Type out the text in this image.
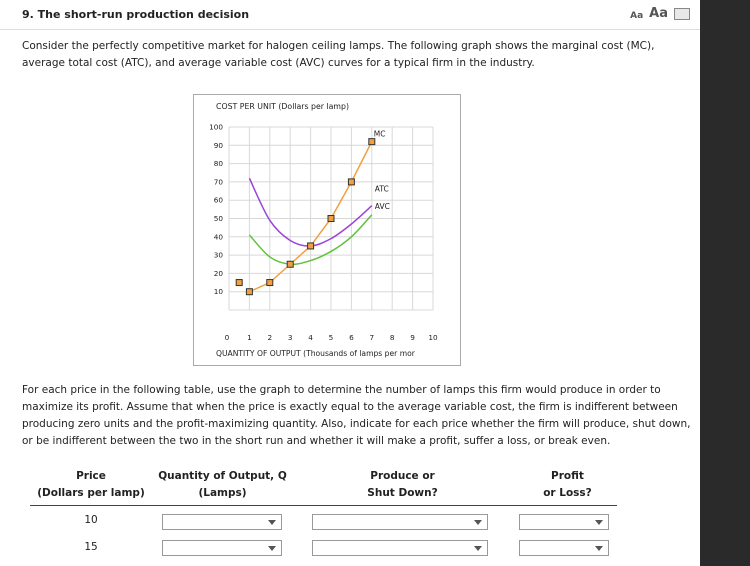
9. The short-run production decision	Aa Aa
Consider the perfectly competitive market for halogen ceiling lamps. The following graph shows the marginal cost (MC), average total cost (ATC), and average variable cost (AVC) curves for a typical firm in the industry.
COST PER UNIT (Dollars per lamp)
10
20
30
40
50
60
70
80
90
100
0 1 2 3 4 5 6 7 8 9 10
QUANTITY OF OUTPUT (Thousands of lamps per mor
MC
ATC
AVC
For each price in the following table, use the graph to determine the number of lamps this firm would produce in order to maximize its profit. Assume that when the price is exactly equal to the average variable cost, the firm is indifferent between producing zero units and the profit-maximizing quantity. Also, indicate for each price whether the firm will produce, shut down, or be indifferent between the two in the short run and whether it will make a profit, suffer a loss, or break even.
Price
(Dollars per lamp)
Quantity of Output, Q
(Lamps)
Produce or
Shut Down?
Profit
or Loss?
10
15
